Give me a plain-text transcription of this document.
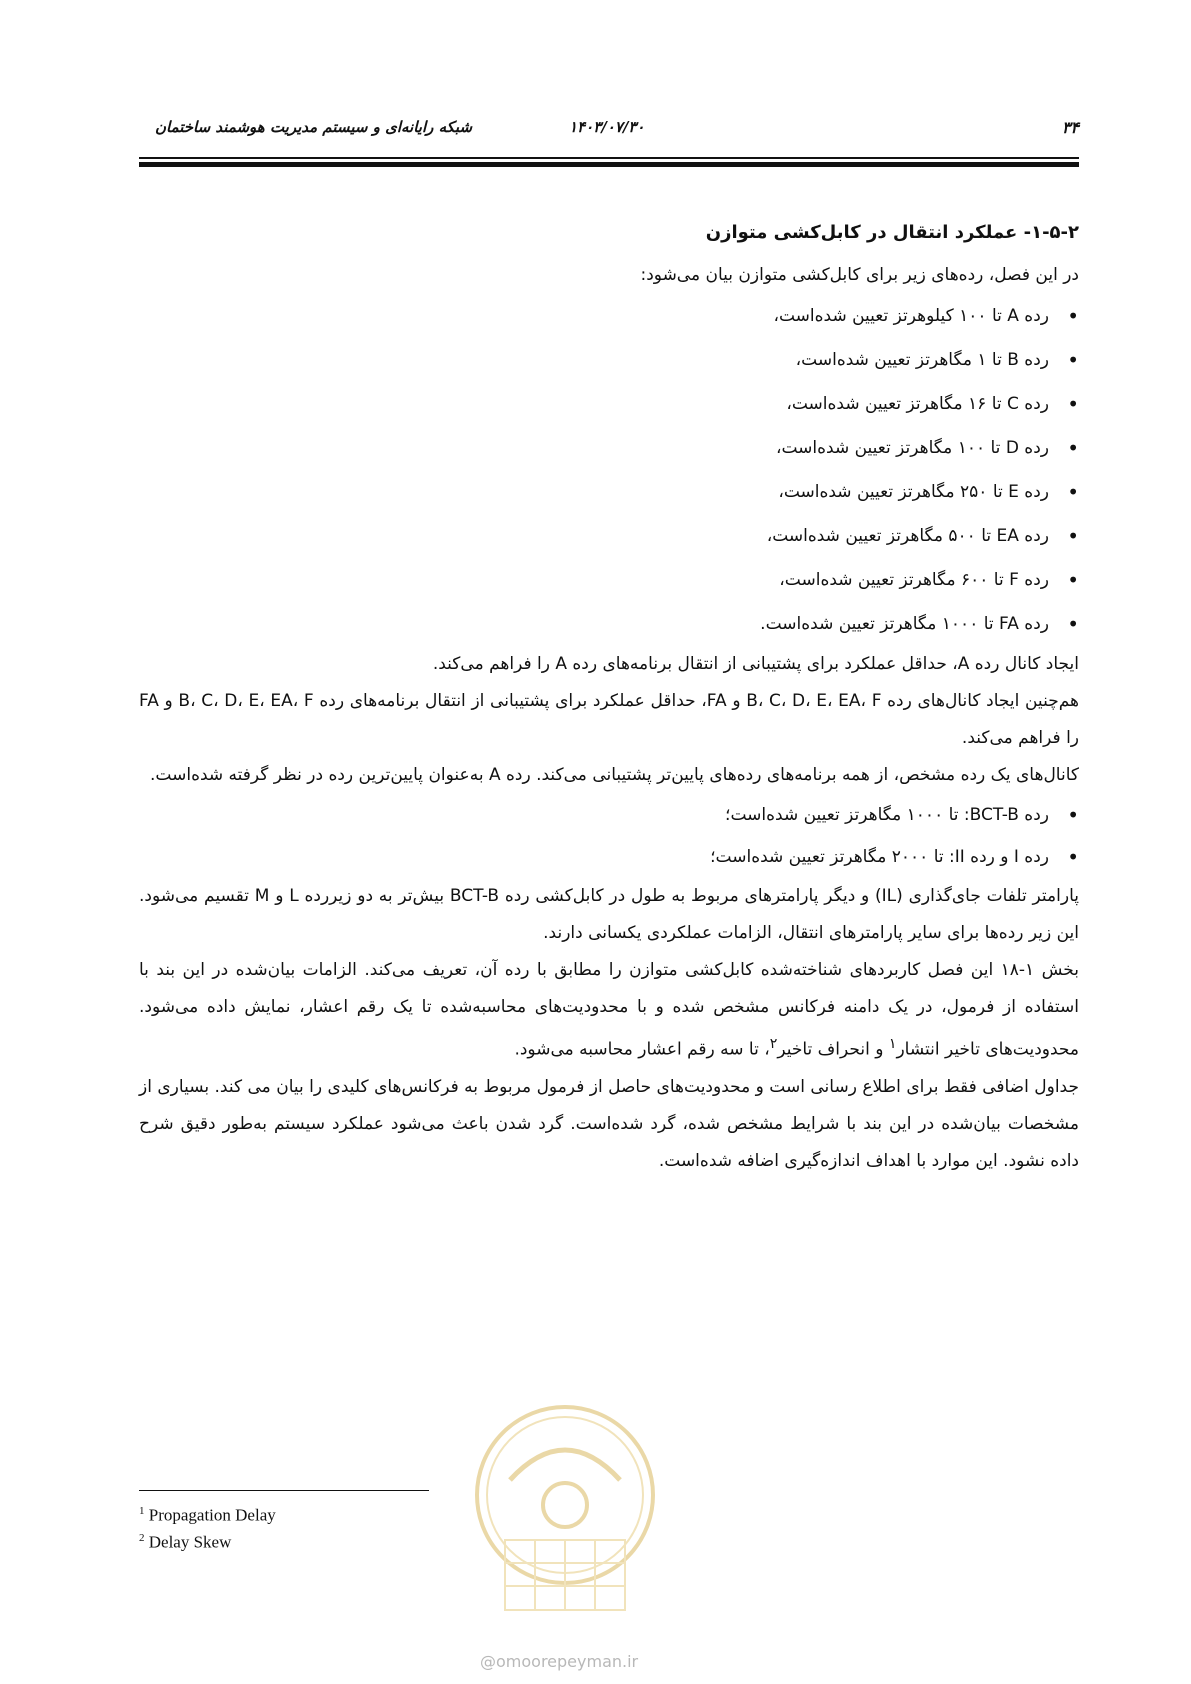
۳۴
۱۴۰۳/۰۷/۳۰
شبکه رایانه‌ای و سیستم مدیریت هوشمند ساختمان

۱-۵-۲- عملکرد انتقال در کابل‌کشی متوازن

در این فصل، رده‌های زیر برای کابل‌کشی متوازن بیان می‌شود:

• رده A تا ۱۰۰ کیلوهرتز تعیین شده‌است،
• رده B تا ۱ مگاهرتز تعیین شده‌است،
• رده C تا ۱۶ مگاهرتز تعیین شده‌است،
• رده D تا ۱۰۰ مگاهرتز تعیین شده‌است،
• رده E تا ۲۵۰ مگاهرتز تعیین شده‌است،
• رده EA تا ۵۰۰ مگاهرتز تعیین شده‌است،
• رده F تا ۶۰۰ مگاهرتز تعیین شده‌است،
• رده FA تا ۱۰۰۰ مگاهرتز تعیین شده‌است.

ایجاد کانال رده A، حداقل عملکرد برای پشتیبانی از انتقال برنامه‌های رده A را فراهم می‌کند.

هم‌چنین ایجاد کانال‌های رده B، C، D، E، EA، F و FA، حداقل عملکرد برای پشتیبانی از انتقال برنامه‌های رده B، C، D، E، EA، F و FA را فراهم می‌کند.

کانال‌های یک رده مشخص، از همه برنامه‌های رده‌های پایین‌تر پشتیبانی می‌کند. رده A به‌عنوان پایین‌ترین رده در نظر گرفته شده‌است.

• رده BCT-B: تا ۱۰۰۰ مگاهرتز تعیین شده‌است؛
• رده I و رده II: تا ۲۰۰۰ مگاهرتز تعیین شده‌است؛

پارامتر تلفات جای‌گذاری (IL) و دیگر پارامترهای مربوط به طول در کابل‌کشی رده BCT-B بیش‌تر به دو زیررده L و M تقسیم می‌شود. این زیر رده‌ها برای سایر پارامترهای انتقال، الزامات عملکردی یکسانی دارند.

بخش ۱-۱۸ این فصل کاربردهای شناخته‌شده کابل‌کشی متوازن را مطابق با رده آن، تعریف می‌کند. الزامات بیان‌شده در این بند با استفاده از فرمول، در یک دامنه فرکانس مشخص شده و با محدودیت‌های محاسبه‌شده تا یک رقم اعشار، نمایش داده می‌شود. محدودیت‌های تاخیر انتشار$^۱$ و انحراف تاخیر$^۲$، تا سه رقم اعشار محاسبه می‌شود.

جداول اضافی فقط برای اطلاع رسانی است و محدودیت‌های حاصل از فرمول مربوط به فرکانس‌های کلیدی را بیان می کند. بسیاری از مشخصات بیان‌شده در این بند با شرایط مشخص شده، گرد شده‌است. گرد شدن باعث می‌شود عملکرد سیستم به‌طور دقیق شرح داده نشود. این موارد با اهداف اندازه‌گیری اضافه شده‌است.

@omoorepeyman.ir
$^1$ Propagation Delay
$^2$ Delay Skew
